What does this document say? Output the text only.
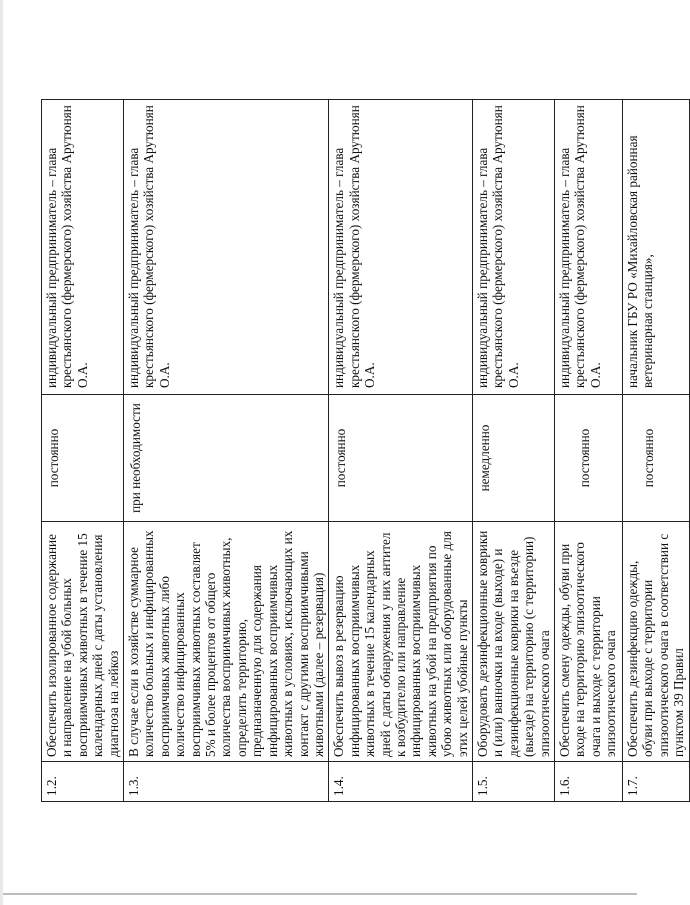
1.2.	Обеспечить изолированное содержание и направление на убой больных восприимчивых животных в течение 15 календарных дней с даты установления диагноза на лейкоз	постоянно	индивидуальный предприниматель – глава крестьянского (фермерского) хозяйства Арутюнян О.А.
1.3.	В случае если в хозяйстве суммарное количество больных и инфицированных восприимчивых животных либо количество инфицированных восприимчивых животных составляет 5% и более процентов от общего количества восприимчивых животных, определить территорию, предназначенную для содержания инфицированных восприимчивых животных в условиях, исключающих их контакт с другими восприимчивыми животными (далее – резервация)	при необходимости	индивидуальный предприниматель – глава крестьянского (фермерского) хозяйства Арутюнян О.А.
1.4.	Обеспечить вывоз в резервацию инфицированных восприимчивых животных в течение 15 календарных дней с даты обнаружения у них антител к возбудителю или направление инфицированных восприимчивых животных на убой на предприятия по убою животных или оборудованные для этих целей убойные пункты	постоянно	индивидуальный предприниматель – глава крестьянского (фермерского) хозяйства Арутюнян О.А.
1.5.	Оборудовать дезинфекционные коврики и (или) ванночки на входе (выходе) и дезинфекционные коврики на въезде (выезде) на территорию (с территории) эпизоотического очага	немедленно	индивидуальный предприниматель – глава крестьянского (фермерского) хозяйства Арутюнян О.А.
1.6.	Обеспечить смену одежды, обуви при входе на территорию эпизоотического очага и выходе с территории эпизоотического очага	постоянно	индивидуальный предприниматель – глава крестьянского (фермерского) хозяйства Арутюнян О.А.
1.7.	Обеспечить дезинфекцию одежды, обуви при выходе с территории эпизоотического очага в соответствии с пунктом 39 Правил	постоянно	начальник ГБУ РО «Михайловская районная ветеринарная станция»,
